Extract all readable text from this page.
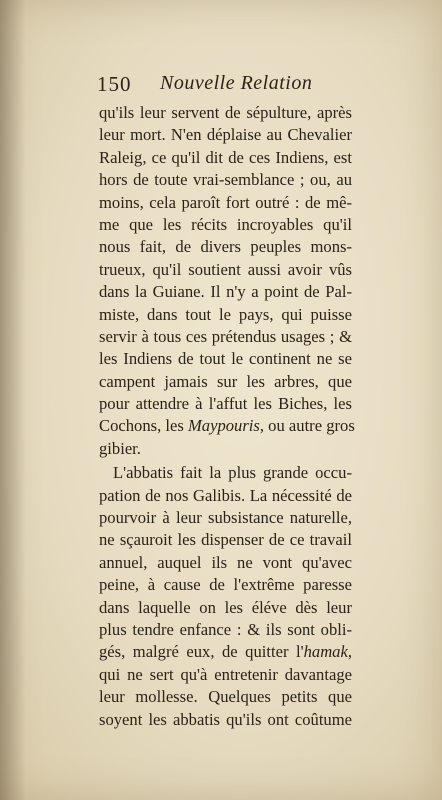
150 Nouvelle Relation
qu'ils leur servent de sépulture, après
leur mort. N'en déplaise au Chevalier
Raleig, ce qu'il dit de ces Indiens, est
hors de toute vrai-semblance ; ou, au
moins, cela paroît fort outré : de mê-
me que les récits incroyables qu'il
nous fait, de divers peuples mons-
trueux, qu'il soutient aussi avoir vûs
dans la Guiane. Il n'y a point de Pal-
miste, dans tout le pays, qui puisse
servir à tous ces prétendus usages ; &
les Indiens de tout le continent ne se
campent jamais sur les arbres, que
pour attendre à l'affut les Biches, les
Cochons, les Maypouris, ou autre gros
gibier.
L'abbatis fait la plus grande occu-
pation de nos Galibis. La nécessité de
pourvoir à leur subsistance naturelle,
ne sçauroit les dispenser de ce travail
annuel, auquel ils ne vont qu'avec
peine, à cause de l'extrême paresse
dans laquelle on les éléve dès leur
plus tendre enfance : & ils sont obli-
gés, malgré eux, de quitter l'hamak,
qui ne sert qu'à entretenir davantage
leur mollesse. Quelques petits que
soyent les abbatis qu'ils ont coûtume
